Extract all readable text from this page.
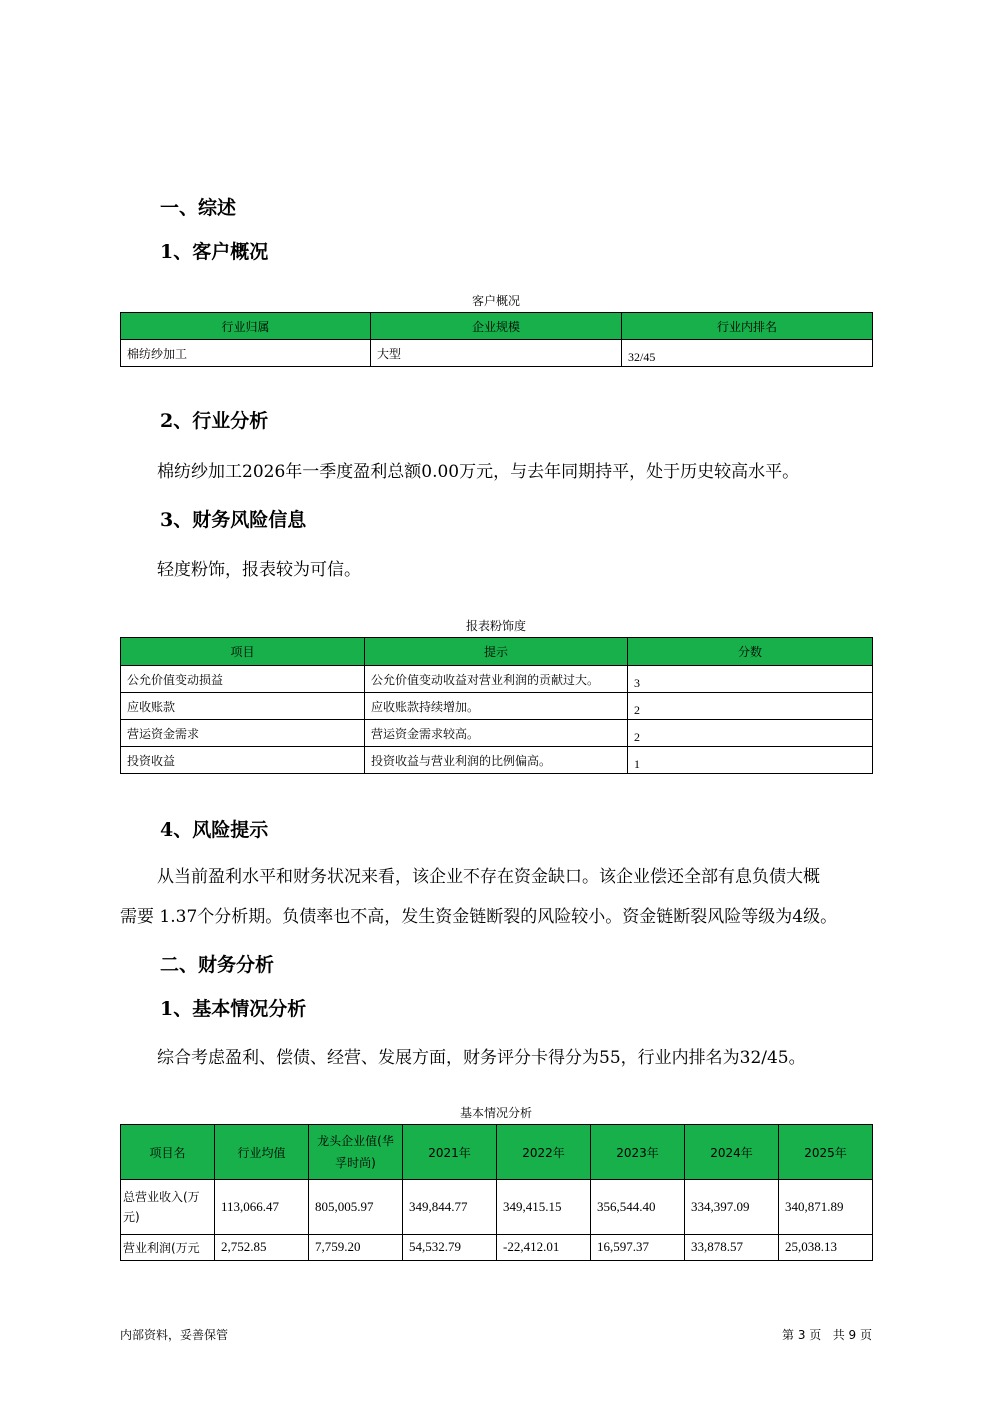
一、综述
1、客户概况
客户概况
行业归属	企业规模	行业内排名
棉纺纱加工	大型	32/45
2、行业分析
棉纺纱加工2026年一季度盈利总额0.00万元，与去年同期持平，处于历史较高水平。
3、财务风险信息
轻度粉饰，报表较为可信。
报表粉饰度
项目	提示	分数
公允价值变动损益	公允价值变动收益对营业利润的贡献过大。	3
应收账款	应收账款持续增加。	2
营运资金需求	营运资金需求较高。	2
投资收益	投资收益与营业利润的比例偏高。	1
4、风险提示
从当前盈利水平和财务状况来看，该企业不存在资金缺口。该企业偿还全部有息负债大概
需要 1.37个分析期。负债率也不高，发生资金链断裂的风险较小。资金链断裂风险等级为4级。
二、财务分析
1、基本情况分析
综合考虑盈利、偿债、经营、发展方面，财务评分卡得分为55，行业内排名为32/45。
基本情况分析
项目名	行业均值	龙头企业值(华孚时尚)	2021年	2022年	2023年	2024年	2025年
总营业收入(万元)	113,066.47	805,005.97	349,844.77	349,415.15	356,544.40	334,397.09	340,871.89
营业利润(万元	2,752.85	7,759.20	54,532.79	-22,412.01	16,597.37	33,878.57	25,038.13
内部资料，妥善保管	第 3 页   共 9 页
